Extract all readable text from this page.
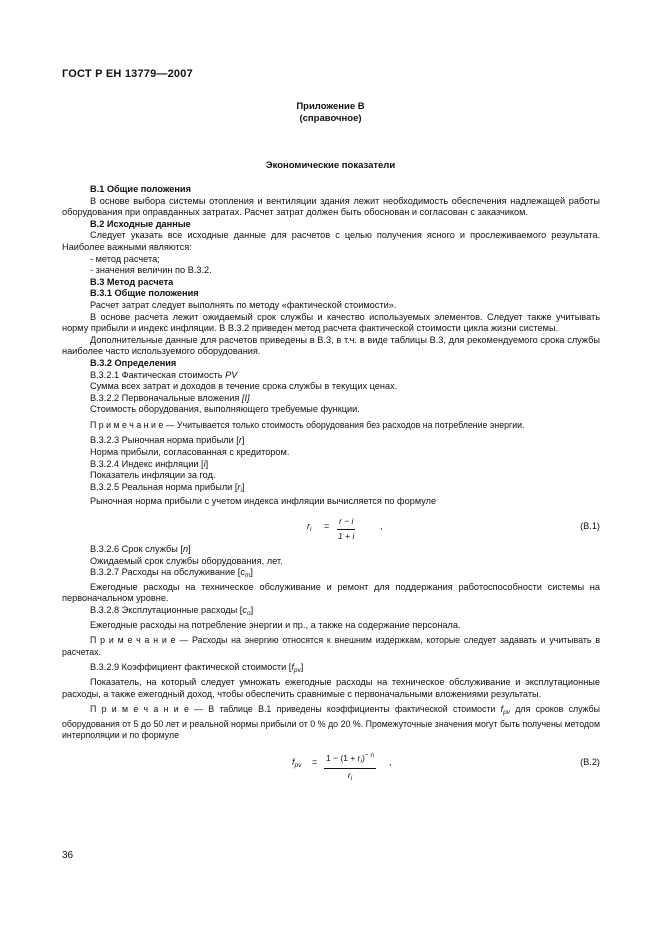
ГОСТ Р ЕН 13779—2007
Приложение В
(справочное)
Экономические показатели

В.1 Общие положения

В основе выбора системы отопления и вентиляции здания лежит необходимость обеспечения надлежащей работы оборудования при оправданных затратах. Расчет затрат должен быть обоснован и согласован с заказчиком.

В.2 Исходные данные

Следует указать все исходные данные для расчетов с целью получения ясного и прослеживаемого результата. Наиболее важными являются:

- метод расчета;

- значения величин по В.3.2.

В.3 Метод расчета

В.3.1 Общие положения

Расчет затрат следует выполнять по методу «фактической стоимости».

В основе расчета лежит ожидаемый срок службы и качество используемых элементов. Следует также учитывать норму прибыли и индекс инфляции. В В.3.2 приведен метод расчета фактической стоимости цикла жизни системы.

Дополнительные данные для расчетов приведены в В.3, в т.ч. в виде таблицы В.3, для рекомендуемого срока службы наиболее часто используемого оборудования.

В.3.2 Определения

В.3.2.1 Фактическая стоимость PV

Сумма всех затрат и доходов в течение срока службы в текущих ценах.

В.3.2.2 Первоначальные вложения [I]

Стоимость оборудования, выполняющего требуемые функции.

П р и м е ч а н и е — Учитывается только стоимость оборудования без расходов на потребление энергии.

В.3.2.3 Рыночная норма прибыли [r]

Норма прибыли, согласованная с кредитором.

В.3.2.4 Индекс инфляции [i]

Показатель инфляции за год.

В.3.2.5 Реальная норма прибыли $[r_i]$

Рыночная норма прибыли с учетом индекса инфляции вычисляется по формуле

$r_i = \frac{r - i}{1 + i}$	,	(В.1)

В.3.2.6 Срок службы [n]

Ожидаемый срок службы оборудования, лет.

В.3.2.7 Расходы на обслуживание $[c_m]$

Ежегодные расходы на техническое обслуживание и ремонт для поддержания работоспособности системы на первоначальном уровне.

В.3.2.8 Эксплутационные расходы $[c_o]$

Ежегодные расходы на потребление энергии и пр., а также на содержание персонала.

П р и м е ч а н и е — Расходы на энергию относятся к внешним издержкам, которые следует задавать и учитывать в расчетах.

В.3.2.9 Коэффициент фактической стоимости $[f_{pv}]$

Показатель, на который следует умножать ежегодные расходы на техническое обслуживание и эксплутационные расходы, а также ежегодный доход, чтобы обеспечить сравнимые с первоначальными вложениями результаты.

П р и м е ч а н и е — В таблице В.1 приведены коэффициенты фактической стоимости $f_{pv}$ для сроков службы оборудования от 5 до 50 лет и реальной нормы прибыли от 0 % до 20 %. Промежуточные значения могут быть получены методом интерполяции и по формуле

$f_{pv} = \frac{1 - (1 + r_i)^{- n}}{r_i}$ ,	(В.2)
36
